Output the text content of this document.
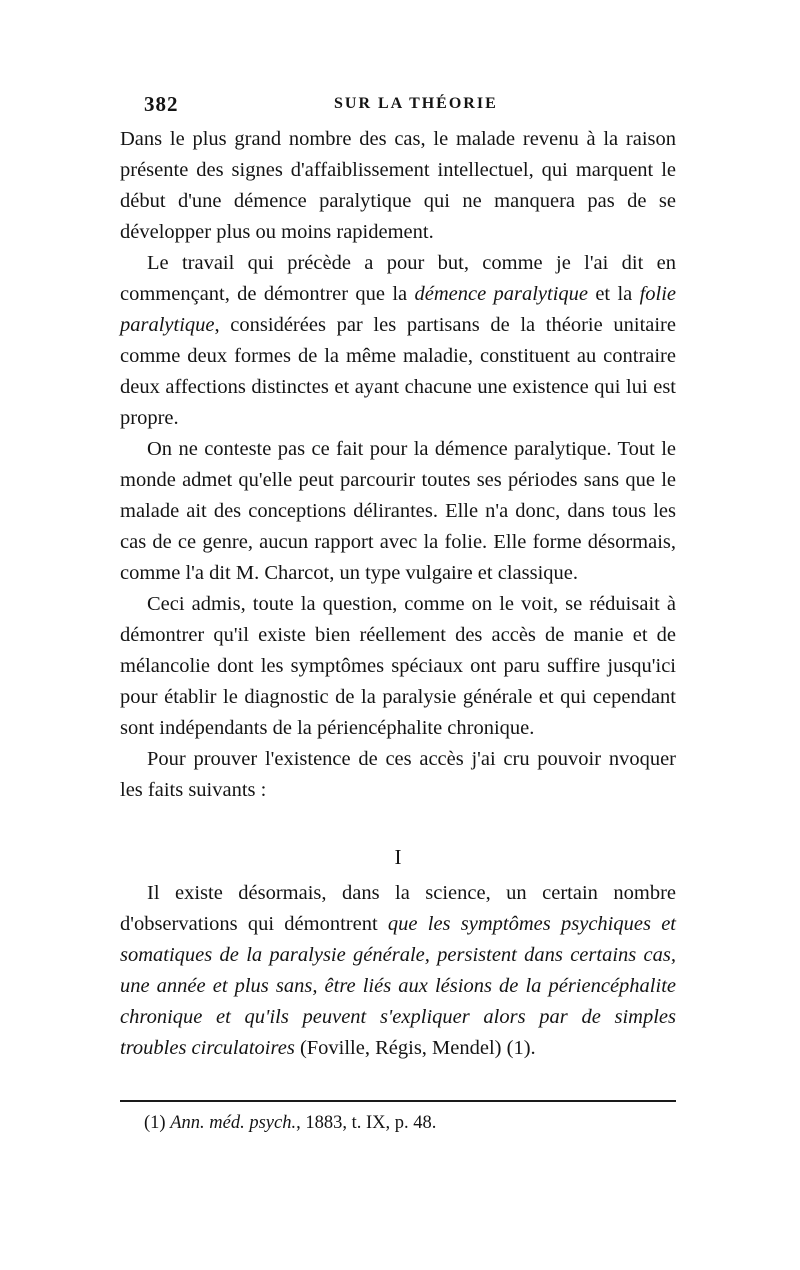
382	SUR LA THÉORIE

Dans le plus grand nombre des cas, le malade revenu à la raison présente des signes d'affaiblissement intellectuel, qui marquent le début d'une démence paralytique qui ne manquera pas de se développer plus ou moins rapidement.

Le travail qui précède a pour but, comme je l'ai dit en commençant, de démontrer que la démence paralytique et la folie paralytique, considérées par les partisans de la théorie unitaire comme deux formes de la même maladie, constituent au contraire deux affections distinctes et ayant chacune une existence qui lui est propre.

On ne conteste pas ce fait pour la démence paralytique. Tout le monde admet qu'elle peut parcourir toutes ses périodes sans que le malade ait des conceptions délirantes. Elle n'a donc, dans tous les cas de ce genre, aucun rapport avec la folie. Elle forme désormais, comme l'a dit M. Charcot, un type vulgaire et classique.

Ceci admis, toute la question, comme on le voit, se réduisait à démontrer qu'il existe bien réellement des accès de manie et de mélancolie dont les symptômes spéciaux ont paru suffire jusqu'ici pour établir le diagnostic de la paralysie générale et qui cependant sont indépendants de la périencéphalite chronique.

Pour prouver l'existence de ces accès j'ai cru pouvoir nvoquer les faits suivants :

I

Il existe désormais, dans la science, un certain nombre d'observations qui démontrent que les symptômes psychiques et somatiques de la paralysie générale, persistent dans certains cas, une année et plus sans, être liés aux lésions de la périencéphalite chronique et qu'ils peuvent s'expliquer alors par de simples troubles circulatoires (Foville, Régis, Mendel) (1).

(1) Ann. méd. psych., 1883, t. IX, p. 48.
